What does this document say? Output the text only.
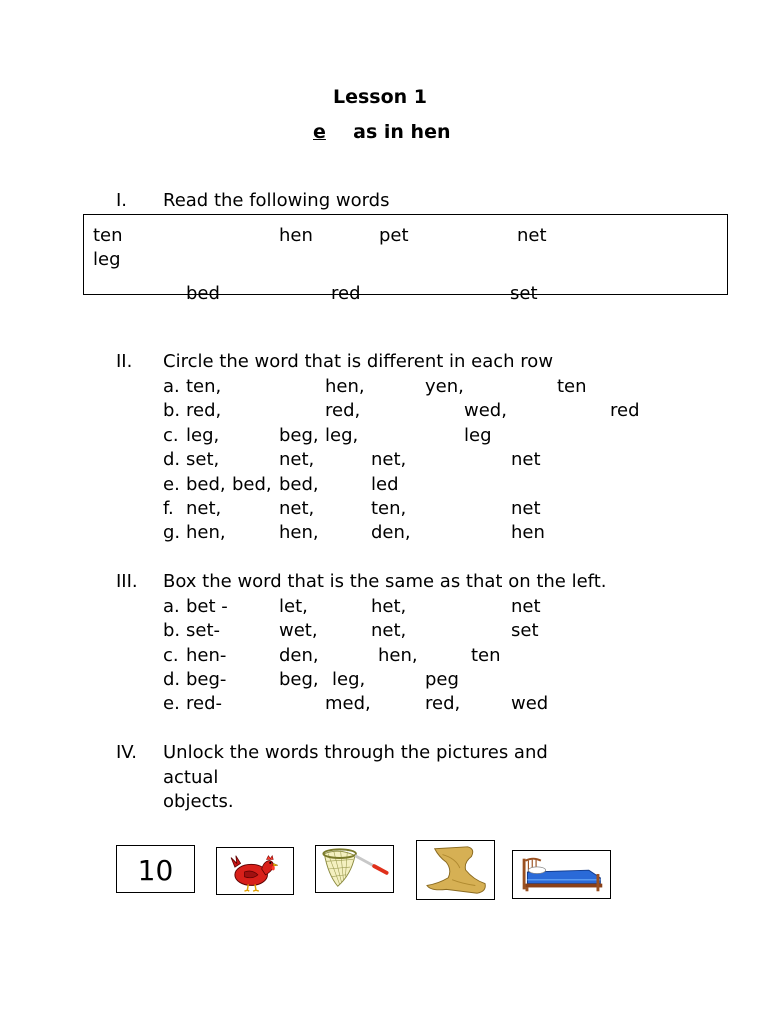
Lesson 1
e as in hen
I. Read the following words
ten	hen	pet	net
leg
bed	red	set
II. Circle the word that is different in each row
a. ten,	hen,	yen,	ten
b. red,	red,	wed,	red
c. leg,	beg, leg,	leg
d. set,	net,	net,	net
e. bed, bed, bed,	led
f. net,	net,	ten,	net
g. hen,	hen,	den,	hen
III. Box the word that is the same as that on the left.
a. bet -	let,	het,	net
b. set-	wet,	net,	set
c. hen-	den,	hen,	ten
d. beg-	beg, leg,	peg
e. red-	med,	red,	wed
IV. Unlock the words through the pictures and
actual
objects.
10
